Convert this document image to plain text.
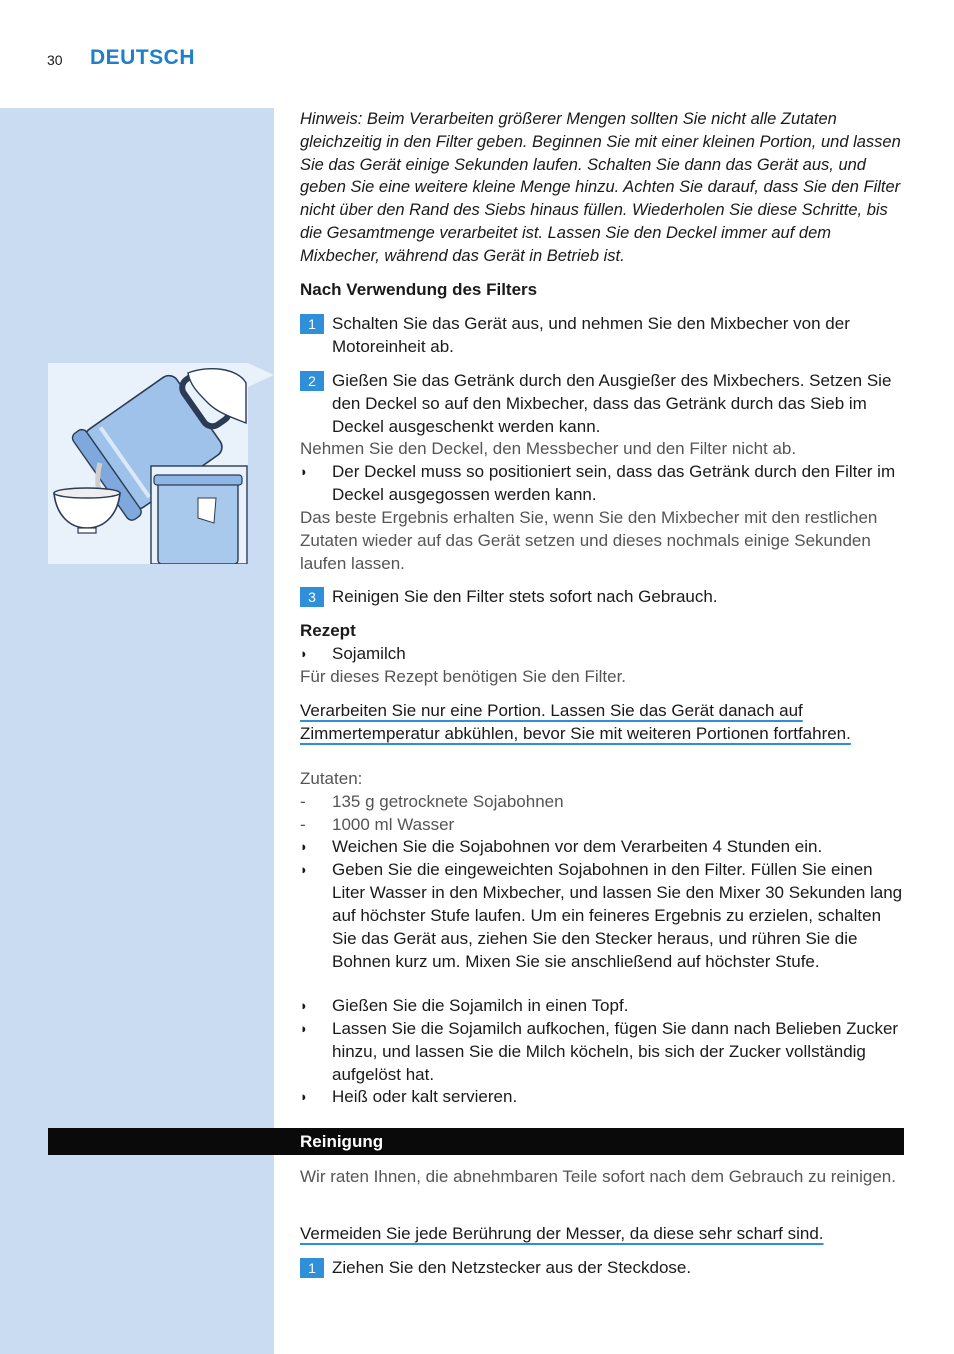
30 DEUTSCH
Hinweis: Beim Verarbeiten größerer Mengen sollten Sie nicht alle Zutaten gleichzeitig in den Filter geben. Beginnen Sie mit einer kleinen Portion, und lassen Sie das Gerät einige Sekunden laufen. Schalten Sie dann das Gerät aus, und geben Sie eine weitere kleine Menge hinzu. Achten Sie darauf, dass Sie den Filter nicht über den Rand des Siebs hinaus füllen. Wiederholen Sie diese Schritte, bis die Gesamtmenge verarbeitet ist. Lassen Sie den Deckel immer auf dem Mixbecher, während das Gerät in Betrieb ist.
Nach Verwendung des Filters
1 Schalten Sie das Gerät aus, und nehmen Sie den Mixbecher von der Motoreinheit ab.
2 Gießen Sie das Getränk durch den Ausgießer des Mixbechers. Setzen Sie den Deckel so auf den Mixbecher, dass das Getränk durch das Sieb im Deckel ausgeschenkt werden kann.
Nehmen Sie den Deckel, den Messbecher und den Filter nicht ab.
◗ Der Deckel muss so positioniert sein, dass das Getränk durch den Filter im Deckel ausgegossen werden kann.
Das beste Ergebnis erhalten Sie, wenn Sie den Mixbecher mit den restlichen Zutaten wieder auf das Gerät setzen und dieses nochmals einige Sekunden laufen lassen.
3 Reinigen Sie den Filter stets sofort nach Gebrauch.
Rezept
◗ Sojamilch
Für dieses Rezept benötigen Sie den Filter.
Verarbeiten Sie nur eine Portion. Lassen Sie das Gerät danach auf Zimmertemperatur abkühlen, bevor Sie mit weiteren Portionen fortfahren.
Zutaten:
- 135 g getrocknete Sojabohnen
- 1000 ml Wasser
◗ Weichen Sie die Sojabohnen vor dem Verarbeiten 4 Stunden ein.
◗ Geben Sie die eingeweichten Sojabohnen in den Filter. Füllen Sie einen Liter Wasser in den Mixbecher, und lassen Sie den Mixer 30 Sekunden lang auf höchster Stufe laufen. Um ein feineres Ergebnis zu erzielen, schalten Sie das Gerät aus, ziehen Sie den Stecker heraus, und rühren Sie die Bohnen kurz um. Mixen Sie sie anschließend auf höchster Stufe.
◗ Gießen Sie die Sojamilch in einen Topf.
◗ Lassen Sie die Sojamilch aufkochen, fügen Sie dann nach Belieben Zucker hinzu, und lassen Sie die Milch köcheln, bis sich der Zucker vollständig aufgelöst hat.
◗ Heiß oder kalt servieren.
Wir raten Ihnen, die abnehmbaren Teile sofort nach dem Gebrauch zu reinigen.
Vermeiden Sie jede Berührung der Messer, da diese sehr scharf sind.
1 Ziehen Sie den Netzstecker aus der Steckdose.
Reinigung
